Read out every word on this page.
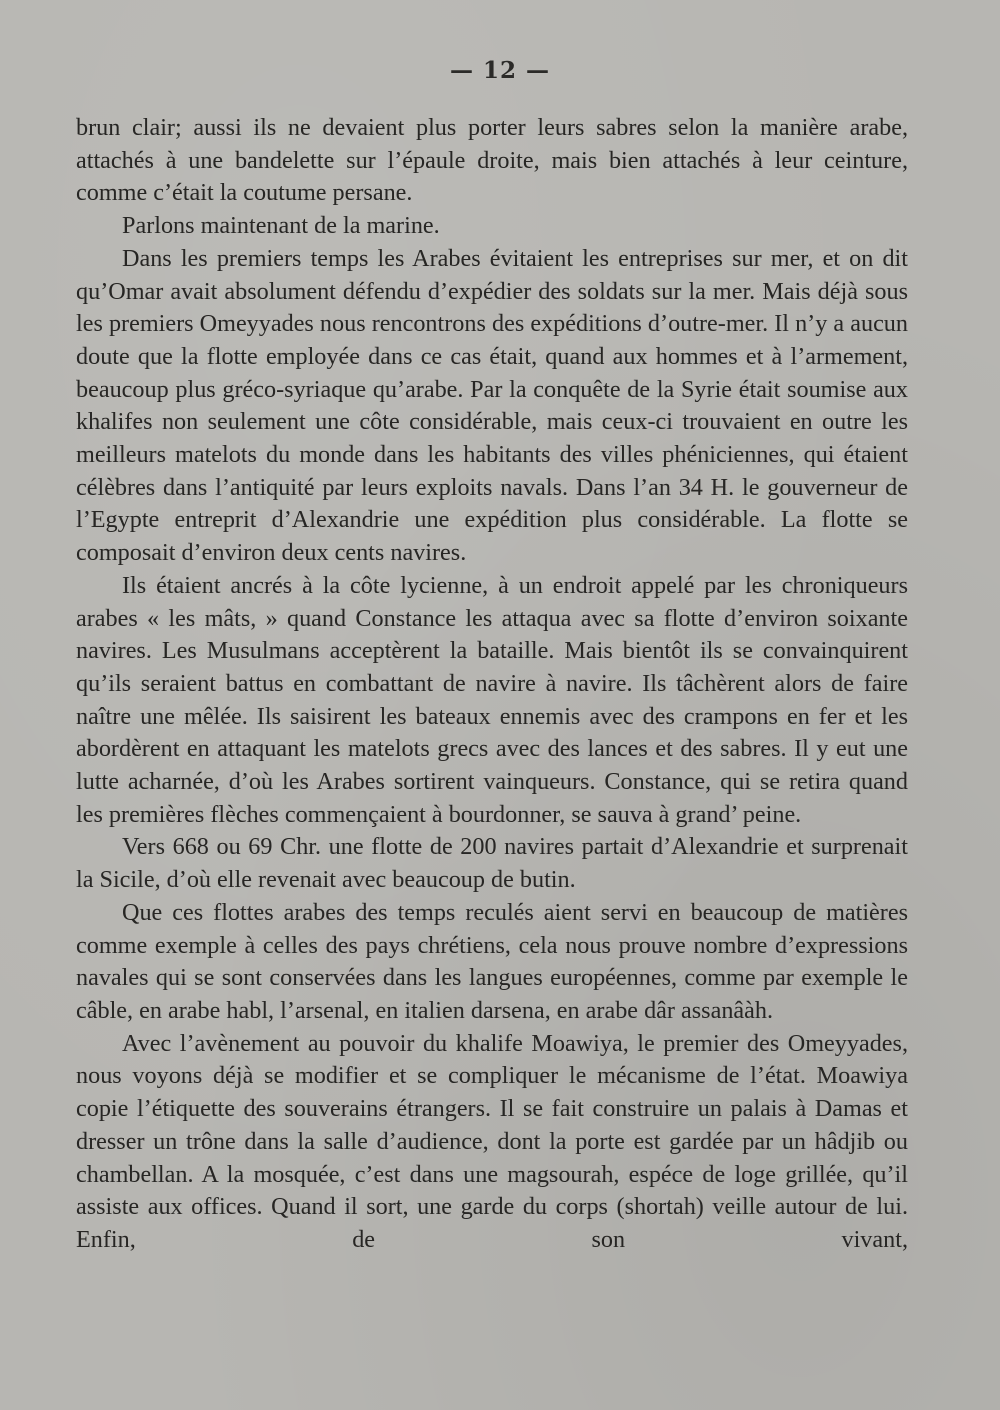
— 12 —

brun clair; aussi ils ne devaient plus porter leurs sabres selon la manière arabe, attachés à une bandelette sur l’épaule droite, mais bien attachés à leur ceinture, comme c’était la coutume persane.

Parlons maintenant de la marine.

Dans les premiers temps les Arabes évitaient les entreprises sur mer, et on dit qu’Omar avait absolument défendu d’expédier des soldats sur la mer. Mais déjà sous les premiers Omeyyades nous rencontrons des expéditions d’outre-mer. Il n’y a aucun doute que la flotte employée dans ce cas était, quand aux hommes et à l’armement, beaucoup plus gréco-syriaque qu’arabe. Par la conquête de la Syrie était soumise aux khalifes non seulement une côte considérable, mais ceux-ci trouvaient en outre les meilleurs matelots du monde dans les habitants des villes phéniciennes, qui étaient célèbres dans l’antiquité par leurs exploits navals. Dans l’an 34 H. le gouverneur de l’Egypte entreprit d’Alexandrie une expédition plus considérable. La flotte se composait d’environ deux cents navires.

Ils étaient ancrés à la côte lycienne, à un endroit appelé par les chroniqueurs arabes « les mâts, » quand Constance les attaqua avec sa flotte d’environ soixante navires. Les Musulmans acceptèrent la bataille. Mais bientôt ils se convainquirent qu’ils seraient battus en combattant de navire à navire. Ils tâchèrent alors de faire naître une mêlée. Ils saisirent les bateaux ennemis avec des crampons en fer et les abordèrent en attaquant les matelots grecs avec des lances et des sabres. Il y eut une lutte acharnée, d’où les Arabes sortirent vainqueurs. Constance, qui se retira quand les premières flèches commençaient à bourdonner, se sauva à grand’ peine.

Vers 668 ou 69 Chr. une flotte de 200 navires partait d’Alexandrie et surprenait la Sicile, d’où elle revenait avec beaucoup de butin.

Que ces flottes arabes des temps reculés aient servi en beaucoup de matières comme exemple à celles des pays chrétiens, cela nous prouve nombre d’expressions navales qui se sont conservées dans les langues européennes, comme par exemple le câble, en arabe habl, l’arsenal, en italien darsena, en arabe dâr assanâàh.

Avec l’avènement au pouvoir du khalife Moawiya, le premier des Omeyyades, nous voyons déjà se modifier et se compliquer le mécanisme de l’état. Moawiya copie l’étiquette des souverains étrangers. Il se fait construire un palais à Damas et dresser un trône dans la salle d’audience, dont la porte est gardée par un hâdjib ou chambellan. A la mosquée, c’est dans une magsourah, espéce de loge grillée, qu’il assiste aux offices. Quand il sort, une garde du corps (shortah) veille autour de lui. Enfin, de son vivant,
